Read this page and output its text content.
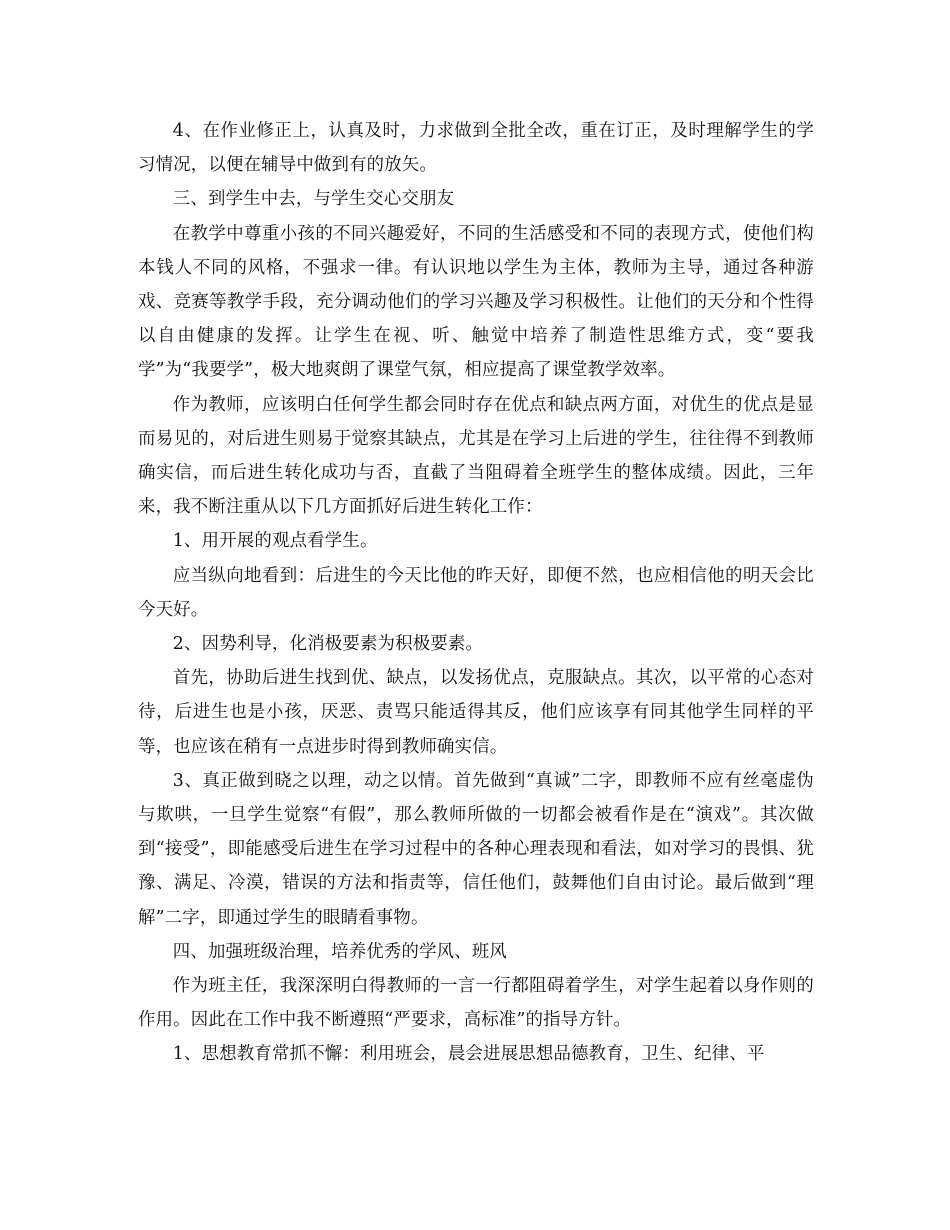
4、在作业修正上，认真及时，力求做到全批全改，重在订正，及时理解学生的学习情况，以便在辅导中做到有的放矢。

三、到学生中去，与学生交心交朋友

在教学中尊重小孩的不同兴趣爱好，不同的生活感受和不同的表现方式，使他们构本钱人不同的风格，不强求一律。有认识地以学生为主体，教师为主导，通过各种游戏、竞赛等教学手段，充分调动他们的学习兴趣及学习积极性。让他们的天分和个性得以自由健康的发挥。让学生在视、听、触觉中培养了制造性思维方式，变“要我学”为“我要学”，极大地爽朗了课堂气氛，相应提高了课堂教学效率。

作为教师，应该明白任何学生都会同时存在优点和缺点两方面，对优生的优点是显而易见的，对后进生则易于觉察其缺点，尤其是在学习上后进的学生，往往得不到教师确实信，而后进生转化成功与否，直截了当阻碍着全班学生的整体成绩。因此，三年来，我不断注重从以下几方面抓好后进生转化工作：

1、用开展的观点看学生。

应当纵向地看到：后进生的今天比他的昨天好，即便不然，也应相信他的明天会比今天好。

2、因势利导，化消极要素为积极要素。

首先，协助后进生找到优、缺点，以发扬优点，克服缺点。其次，以平常的心态对待，后进生也是小孩，厌恶、责骂只能适得其反，他们应该享有同其他学生同样的平等，也应该在稍有一点进步时得到教师确实信。

3、真正做到晓之以理，动之以情。首先做到“真诚”二字，即教师不应有丝毫虚伪与欺哄，一旦学生觉察“有假”，那么教师所做的一切都会被看作是在“演戏”。其次做到“接受”，即能感受后进生在学习过程中的各种心理表现和看法，如对学习的畏惧、犹豫、满足、冷漠，错误的方法和指责等，信任他们，鼓舞他们自由讨论。最后做到“理解”二字，即通过学生的眼睛看事物。

四、加强班级治理，培养优秀的学风、班风

作为班主任，我深深明白得教师的一言一行都阻碍着学生，对学生起着以身作则的作用。因此在工作中我不断遵照“严要求，高标准”的指导方针。

1、思想教育常抓不懈：利用班会，晨会进展思想品德教育，卫生、纪律、平
